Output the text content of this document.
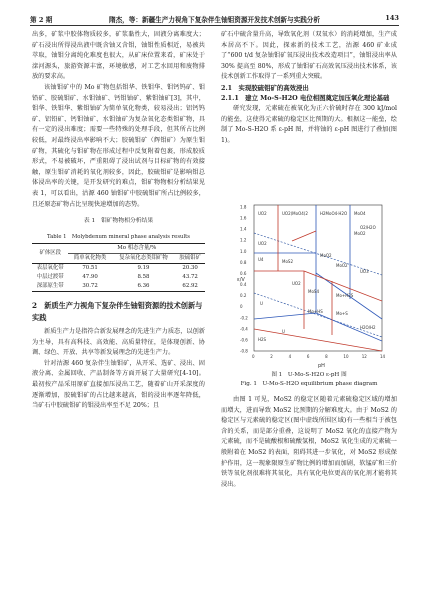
第 2 期	隋杰，等：新疆生产力视角下复杂伴生铀钼资源开发技术创新与实践分析	143

出多，矿浆中胶体物质较多，矿浆黏性大，固液分离难度大；矿石浸出所得浸出液中既含铀又含钼，铀钼性质相近，易被共萃取，铀钼分离纯化难度也很大，从矿床位置来看，矿床处于滦河源头，旅游资源丰富，环境敏感，对工艺水回用和废物排放的要求高。

该铀钼矿中的 Mo 矿物包括钼华、铁钼华、钼钙钨矿、钼铅矿、胶硫钼矿、水钼铀矿、钙钼铀矿、紫钼铀矿[3]，其中，钼华、铁钼华、紫钼铀矿为简单氧化物类，较易浸出；铝钙钨矿、铝铅矿、钙钼铀矿、水钼铀矿为复杂氧化态类钼矿物，具有一定的浸出难度；需要一些特殊的处理手段，但其所占比例较低，对最终浸出率影响不大；胶硫钼矿（辉钼矿）为原生钼矿物，其硫化与钼矿物在形成过程中反复附着包裹，形成胶质形式，不易被破坏，严重阻碍了浸出试剂与目标矿物的有效接触，原生钼矿消耗的氧化剂较多，因此，胶硫钼矿是影响钼总体浸出率的关键，是开发研究的难点，钼矿物物相分析结果见表 1，可以看出，沽源 460 铀钼矿中胶硫钼矿所占比例较多，且还原态矿物占比呈现快速增加的态势。

表 1　钼矿物物相分析结果
Table 1　Molybdenum mineral phase analysis results
矿体区段	Mo 相态含量/%		
	简单氧化物类	复杂氧化态类钼矿物	胶硫钼矿
表层氧化带	70.51	9.19	20.30
中层过渡带	47.90	8.58	43.72
深部原生带	30.72	6.36	62.92
2　新质生产力视角下复杂伴生铀钼资源的技术创新与实践

新质生产力是指符合新发展理念的先进生产力质态，以创新为主导，具有高科技、高效能、高质量特征，是体现创新、协调、绿色、开放、共享等新发展理念的先进生产力。

针对沽源 460 复杂伴生铀钼矿，从开采、选矿、浸出、固液分离、金属回收、产品制备等方面开展了大量研究[4-10]。最初按产品采用原矿直接加压浸出工艺，随着矿山开采深度的逐渐增加，胶硫钼矿的占比越来越高，钼的浸出率逐年降低，当矿石中胶硫钼矿的钼浸出率至不足 20%；且

矿石中硫含量升高，导致氧化剂（双氧水）的消耗增加，生产成本居高不下。因此，探索新的技术工艺，沽源 460 矿业成了“600 t/d 复杂铀钼矿氧压浸出技术改造项目”，铀钼浸出率从 30% 提高至 80%，形成了铀钼矿石高效氧压浸出技术体系，该技术创新工作取得了一系列重大突破。

2.1　实现胶硫钼矿的高效浸出
2.1.1　建立 Mo-S-H2O 电位相图奠定加压氧化理论基础

研究发现，元素硫在被氧化为正六价硫时存在 300 kJ/mol 的能垒，这使得元素硫的稳定区比预期的大。根据这一能垒，绘制了 Mo-S-H2O 系 ε-pH 图，并将铀的 ε-pH 图进行了叠加(图 1)。

UO2	UO2(MoO4)2	H2MoO4·H2O MoO4
MoO2
UO2
MoS2
MoO2
U4
UO2
MoO2
MoS4
Mo+H2S
Mo+HS	Mo+S
U
U
H2S
O2/H2O
H2O/H2
UO3
0	2	4	6	8	10	12	14
1.8
1.6
1.4
1.2
1.0
0.8
0.6
0.4
0.2
0
-0.2
-0.4
-0.6
-0.8
ε/V
pH
图 1　U-Mo-S-H2O ε-pH 图
Fig. 1　U-Mo-S-H2O equilibrium phase diagram

由图 1 可见，MoS2 的稳定区随着元素硫稳定区域的增加而增大，进而导致 MoS2 比预期的分解难度大。由于 MoS2 的稳定区与元素硫的稳定区(图中虚线所围区域)有一些相当于被包含的关系，而是部分重叠，这说明了 MoS2 氧化的直接产物为元素硫，而不是硫酸根和硫酸氢根，MoS2 氧化生成的元素硫一般附着在 MoS2 的表面，阻碍其进一步氧化，对 MoS2 形成保护作用，这一现象限原生矿物比例的增加而加剧，软锰矿和三价铁等氧化剂很难将其氧化，具有氧化电位更高的氧化剂才能将其浸出。
